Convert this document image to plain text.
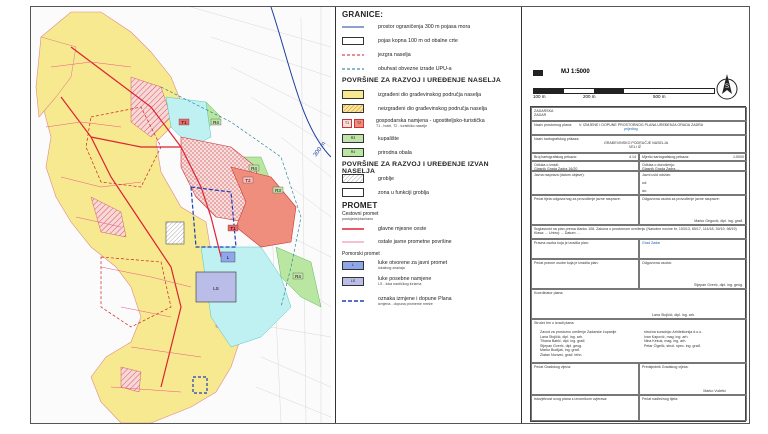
300 m
T1
T1
T2
R3
R4
R4
R4
L
LS
GRANICE:
prostor ograničenja 300 m pojasa mora
pojas kopna 100 m od obalne crte
jezgra naselja
obuhvat obvezne izrade UPU-a
POVRŠINE ZA RAZVOJ I UREĐENJE NASELJA
izgrađeni dio građevinskog područja naselja
neizgrađeni dio građevinskog područja naselja
T1	T2	gospodarska namjena - ugostiteljsko-turistička
T1 - hotel, T2 - turističko naselje
R3	kupalište
R4	prirodna obala
POVRŠINE ZA RAZVOJ I UREĐENJE IZVAN NASELJA
groblje
zona u funkciji groblja
PROMET
Cestovni promet
postojeće/planirano
glavne mjesne ceste
ostale javne prometne površine
Pomorski promet
L	luke otvorene za javni promet
lokalnog značaja
LS	luke posebne namjene
LS - luka nautičkog turizma
oznaka izmjene i dopune Plana
izmjena - dopuna prometne mreže
MJ 1:5000
100 m	200 m	500 m
S
ZADARSKA
ZADAR
Naziv prostornog plana: V. IZMJENE I DOPUNE PROSTORNOG PLANA UREĐENJA GRADA ZADRA
prijedlog
Naziv kartografskog prikaza:
GRAĐEVINSKO PODRUČJE NASELJA
VELI IŽ
Broj kartografskog prikaza:	4.14	Mjerilo kartografskog prikaza:	1:5000
Odluka o izradi:
Glasnik Grada Zadra 16/20
Odluka o donošenju:
Glasnik Grada Zadra ...
Javna rasprava (datum objave):	Javni uvid održan:

od:

do:
Pečat tijela odgovornog za provođenje javne rasprave:	Odgovorna osoba za provođenje javne rasprave:
Marko Gegović, dipl. ing. građ.
Suglasnost na plan prema članku 108. Zakona o prostornom uređenju (Narodne novine br. 153/13, 65/17, 114/18, 39/19, 98/19)
Klasa: ... Urbroj: ... Datum: ...
Pravna osoba koja je izradila plan:	Grad Zadar
Pečat pravne osobe koja je izradila plan:	Odgovorna osoba:
Stjepan Gverić, dipl. ing. geog.
Koordinator plana:
Lana Stojičić, dipl. ing. arh.
Stručni tim u izradi plana:
Zavod za prostorno uređenje Zadarske županije
Lana Stojičić, dipl. ing. arh.
Tihana Babić, dipl. ing. građ.
Stjepan Gverić, dipl. geog.
Marko Budijaš, ing. građ.
Zlatan Nonveć, građ. tehn.
stručna suradnja: Arhitektonija d.o.o.
Ivan Kapović, mag. ing. arh.
Nina Kekuk, mag. ing. arh.
Petar Ćigelić, struč. spec. ing. građ.
Pečat Gradskog vijeća:	Predsjednik Gradskog vijeća:
Marko Vučetić
Istovjetnost ovog plana s izvornikom ovjerava:	Pečat nadležnog tijela:
